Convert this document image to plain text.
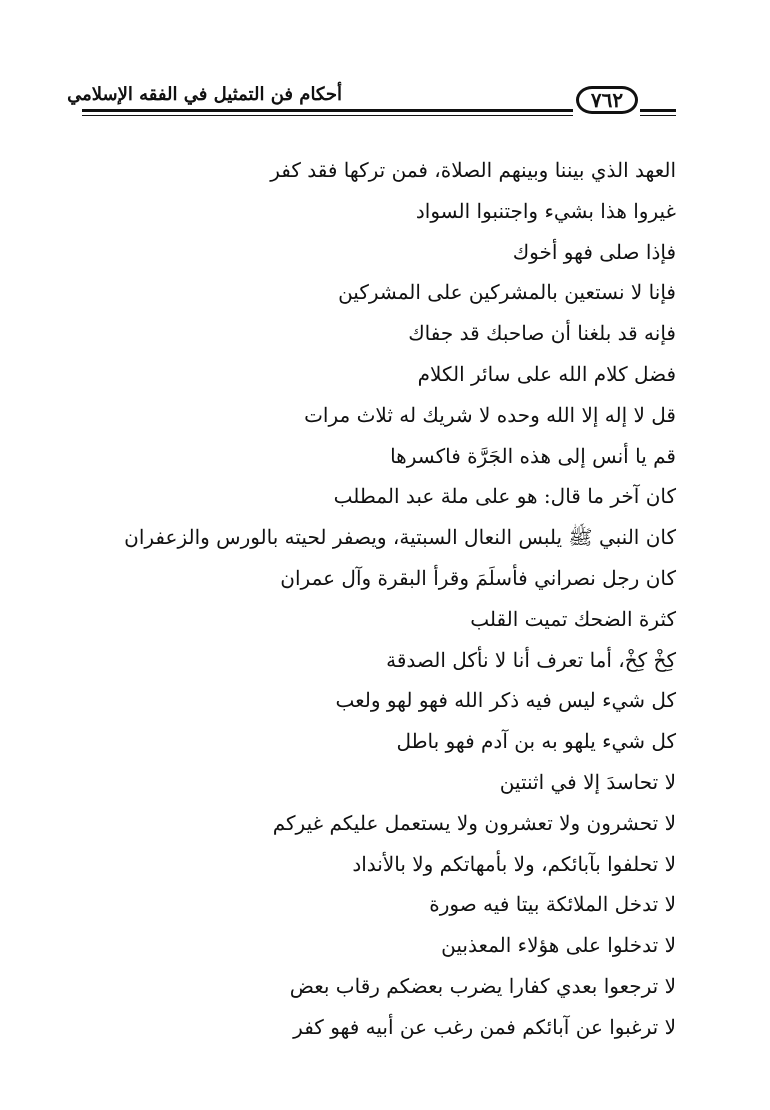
أحكام فن التمثيل في الفقه الإسلامي	٧٦٢
العهد الذي بيننا وبينهم الصلاة، فمن تركها فقد كفر
غيروا هذا بشيء واجتنبوا السواد
فإذا صلى فهو أخوك
فإنا لا نستعين بالمشركين على المشركين
فإنه قد بلغنا أن صاحبك قد جفاك
فضل كلام الله على سائر الكلام
قل لا إله إلا الله وحده لا شريك له ثلاث مرات
قم يا أنس إلى هذه الجَرَّة فاكسرها
كان آخر ما قال: هو على ملة عبد المطلب
كان النبي ﷺ يلبس النعال السبتية، ويصفر لحيته بالورس والزعفران
كان رجل نصراني فأسلَمَ وقرأ البقرة وآل عمران
كثرة الضحك تميت القلب
كِخْ كِخْ، أما تعرف أنا لا نأكل الصدقة
كل شيء ليس فيه ذكر الله فهو لهو ولعب
كل شيء يلهو به بن آدم فهو باطل
لا تحاسدَ إلا في اثنتين
لا تحشرون ولا تعشرون ولا يستعمل عليكم غيركم
لا تحلفوا بآبائكم، ولا بأمهاتكم ولا بالأنداد
لا تدخل الملائكة بيتا فيه صورة
لا تدخلوا على هؤلاء المعذبين
لا ترجعوا بعدي كفارا يضرب بعضكم رقاب بعض
لا ترغبوا عن آبائكم فمن رغب عن أبيه فهو كفر
